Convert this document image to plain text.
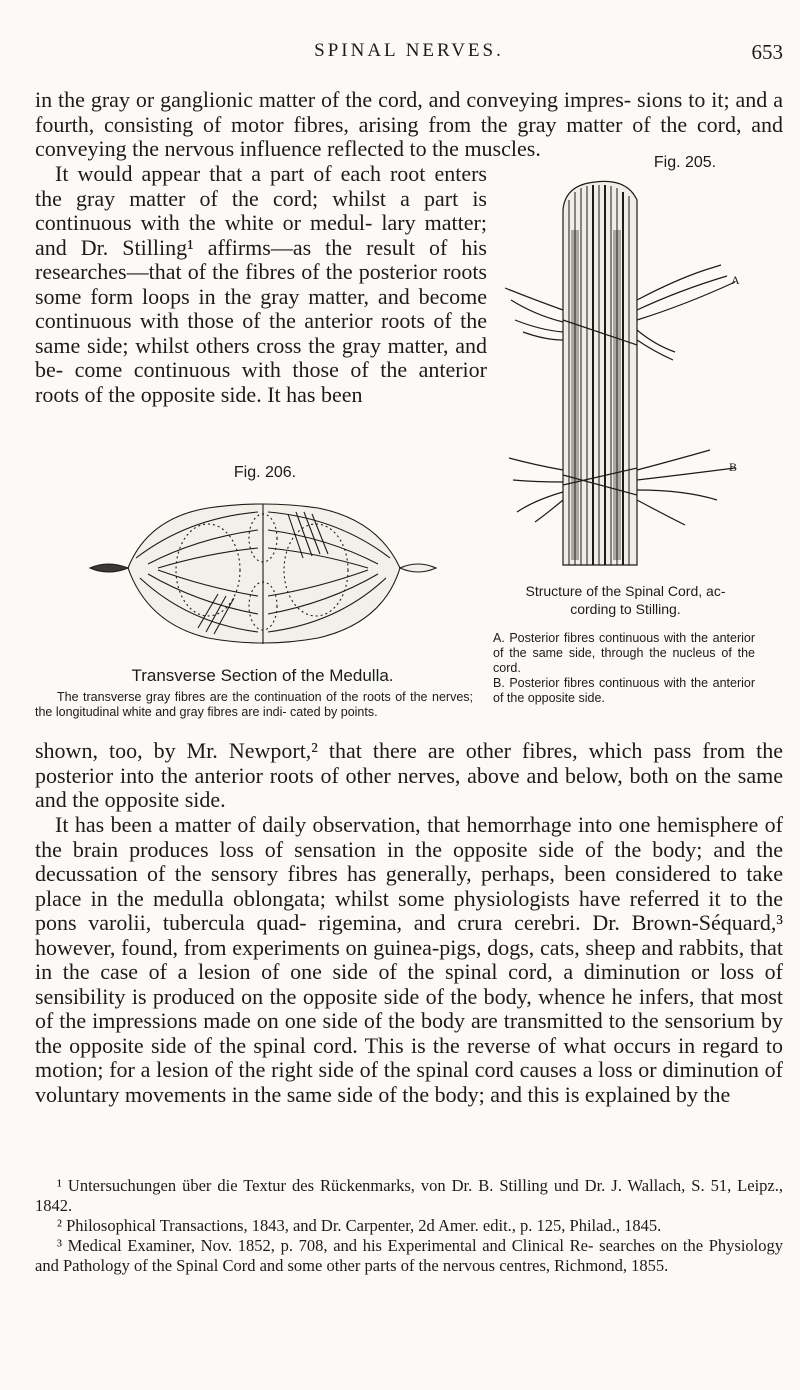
SPINAL NERVES.	653

in the gray or ganglionic matter of the cord, and conveying impres- sions to it; and a fourth, consisting of motor fibres, arising from the gray matter of the cord, and conveying the nervous influence reflected to the muscles.

It would appear that a part of each root enters the gray matter of the cord; whilst a part is continuous with the white or medul- lary matter; and Dr. Stilling¹ affirms—as the result of his researches—that of the fibres of the posterior roots some form loops in the gray matter, and become continuous with those of the anterior roots of the same side; whilst others cross the gray matter, and be- come continuous with those of the anterior roots of the opposite side. It has been

Fig. 205.
A
B

Structure of the Spinal Cord, ac- cording to Stilling.

A. Posterior fibres continuous with the anterior of the same side, through the nucleus of the cord.
B. Posterior fibres continuous with the anterior of the opposite side.

Fig. 206.
Transverse Section of the Medulla.

The transverse gray fibres are the continuation of the roots of the nerves; the longitudinal white and gray fibres are indi- cated by points.

shown, too, by Mr. Newport,² that there are other fibres, which pass from the posterior into the anterior roots of other nerves, above and below, both on the same and the opposite side.

It has been a matter of daily observation, that hemorrhage into one hemisphere of the brain produces loss of sensation in the opposite side of the body; and the decussation of the sensory fibres has generally, perhaps, been considered to take place in the medulla oblongata; whilst some physiologists have referred it to the pons varolii, tubercula quad- rigemina, and crura cerebri. Dr. Brown-Séquard,³ however, found, from experiments on guinea-pigs, dogs, cats, sheep and rabbits, that in the case of a lesion of one side of the spinal cord, a diminution or loss of sensibility is produced on the opposite side of the body, whence he infers, that most of the impressions made on one side of the body are transmitted to the sensorium by the opposite side of the spinal cord. This is the reverse of what occurs in regard to motion; for a lesion of the right side of the spinal cord causes a loss or diminution of voluntary movements in the same side of the body; and this is explained by the

¹ Untersuchungen über die Textur des Rückenmarks, von Dr. B. Stilling und Dr. J. Wallach, S. 51, Leipz., 1842.

² Philosophical Transactions, 1843, and Dr. Carpenter, 2d Amer. edit., p. 125, Philad., 1845.

³ Medical Examiner, Nov. 1852, p. 708, and his Experimental and Clinical Re- searches on the Physiology and Pathology of the Spinal Cord and some other parts of the nervous centres, Richmond, 1855.
